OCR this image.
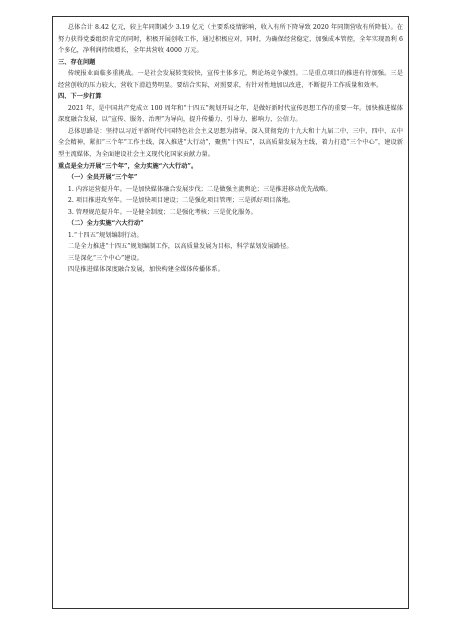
总体合计 8.42 亿元，较上年同期减少 3.19 亿元（主要系疫情影响，收入有所下降导致 2020 年同期营收有所降低）。在努力获得党委组织肯定的同时，积极开展创收工作，通过积极应对，同时，为确保经营稳定，加强成本管控，全年实现盈利 6 个多亿，净利润持续增长，全年共营收 4000 万元。

三、存在问题

传统报业面临多重挑战。一是社会发展转变较快，宣传主体多元，舆论场竞争激烈。二是重点项目的推进有待加强。三是经营创收的压力较大，营收下滑趋势明显。要结合实际，对照要求，有针对性地加以改进，不断提升工作质量和效率。

四、下一步打算

2021 年，是中国共产党成立 100 周年和“十四五”规划开局之年，是做好新时代宣传思想工作的重要一年。加快推进媒体深度融合发展，以“宣传、服务、治理”为导向，提升传播力、引导力、影响力、公信力。

总体思路是：坚持以习近平新时代中国特色社会主义思想为指导，深入贯彻党的十九大和十九届二中、三中、四中、五中全会精神，紧扣“三个年”工作主线，深入推进“大行动”，聚焦“十四五”，以高质量发展为主线，着力打造“三个中心”，建设新型主流媒体，为全面建设社会主义现代化国家贡献力量。

重点是全力开展“三个年”，全力实施“六大行动”。

（一）全员开展“三个年”

1. 内容运营提升年。一是加快媒体融合发展步伐；二是做强主流舆论；三是推进移动优先战略。

2. 项目推进攻坚年。一是加快项目建设；二是强化项目管理；三是抓好项目落地。

3. 管理规范提升年。一是健全制度；二是强化考核；三是优化服务。

（二）全力实施“六大行动”

1.“十四五”规划编制行动。

二是全力推进“十四五”规划编制工作，以高质量发展为目标，科学谋划发展路径。

三是深化“三个中心”建设。

四是推进媒体深度融合发展，加快构建全媒体传播体系。
